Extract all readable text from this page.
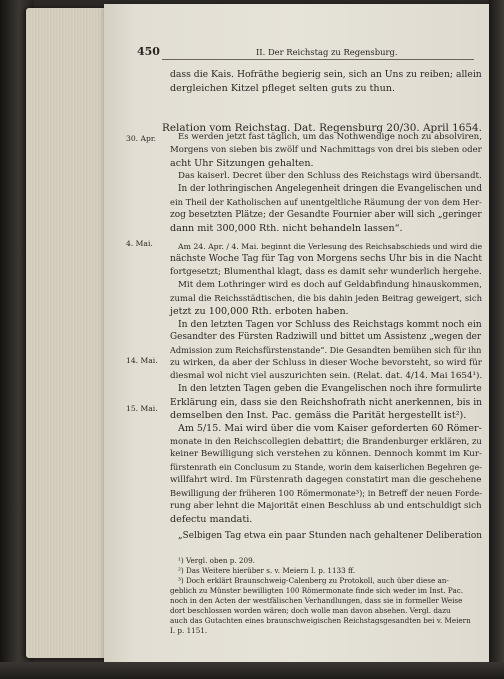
450	II. Der Reichstag zu Regensburg.
dass die Kais. Hofräthe begierig sein, sich an Uns zu reiben; allein
dergleichen Kitzel pfleget selten guts zu thun.
Relation vom Reichstag. Dat. Regensburg 20/30. April 1654.
30. Apr.
4. Mai.
14. Mai.
15. Mai.
Es werden jetzt fast täglich, um das Nothwendige noch zu absolviren,
Morgens von sieben bis zwölf und Nachmittags von drei bis sieben oder
acht Uhr Sitzungen gehalten.
Das kaiserl. Decret über den Schluss des Reichstags wird übersandt.
In der lothringischen Angelegenheit dringen die Evangelischen und
ein Theil der Katholischen auf unentgeltliche Räumung der von dem Her-
zog besetzten Plätze; der Gesandte Fournier aber will sich „geringer
dann mit 300,000 Rth. nicht behandeln lassen“.
Am 24. Apr. / 4. Mai. beginnt die Verlesung des Reichsabschieds und wird die
nächste Woche Tag für Tag von Morgens sechs Uhr bis in die Nacht
fortgesetzt; Blumenthal klagt, dass es damit sehr wunderlich hergehe.
Mit dem Lothringer wird es doch auf Geldabfindung hinauskommen,
zumal die Reichsstädtischen, die bis dahin jeden Beitrag geweigert, sich
jetzt zu 100,000 Rth. erboten haben.
In den letzten Tagen vor Schluss des Reichstags kommt noch ein
Gesandter des Fürsten Radziwill und bittet um Assistenz „wegen der
Admission zum Reichsfürstenstande“. Die Gesandten bemühen sich für ihn
zu wirken, da aber der Schluss in dieser Woche bevorsteht, so wird für
diesmal wol nicht viel auszurichten sein. (Relat. dat. 4/14. Mai 1654¹).
In den letzten Tagen geben die Evangelischen noch ihre formulirte
Erklärung ein, dass sie den Reichshofrath nicht anerkennen, bis in
demselben den Inst. Pac. gemäss die Parität hergestellt ist²).
Am 5/15. Mai wird über die vom Kaiser geforderten 60 Römer-
monate in den Reichscollegien debattirt; die Brandenburger erklären, zu
keiner Bewilligung sich verstehen zu können. Dennoch kommt im Kur-
fürstenrath ein Conclusum zu Stande, worin dem kaiserlichen Begehren ge-
willfahrt wird. Im Fürstenrath dagegen constatirt man die geschehene
Bewilligung der früheren 100 Römermonate³); in Betreff der neuen Forde-
rung aber lehnt die Majorität einen Beschluss ab und entschuldigt sich
defectu mandati.
„Selbigen Tag etwa ein paar Stunden nach gehaltener Deliberation
¹) Vergl. oben p. 209.
²) Das Weitere hierüber s. v. Meiern I. p. 1133 ff.
³) Doch erklärt Braunschweig-Calenberg zu Protokoll, auch über diese an-
geblich zu Münster bewilligten 100 Römermonate finde sich weder im Inst. Pac.
noch in den Acten der westfälischen Verhandlungen, dass sie in formeller Weise
dort beschlossen worden wären; doch wolle man davon absehen. Vergl. dazu
auch das Gutachten eines braunschweigischen Reichstagsgesandten bei v. Meiern
I. p. 1151.
